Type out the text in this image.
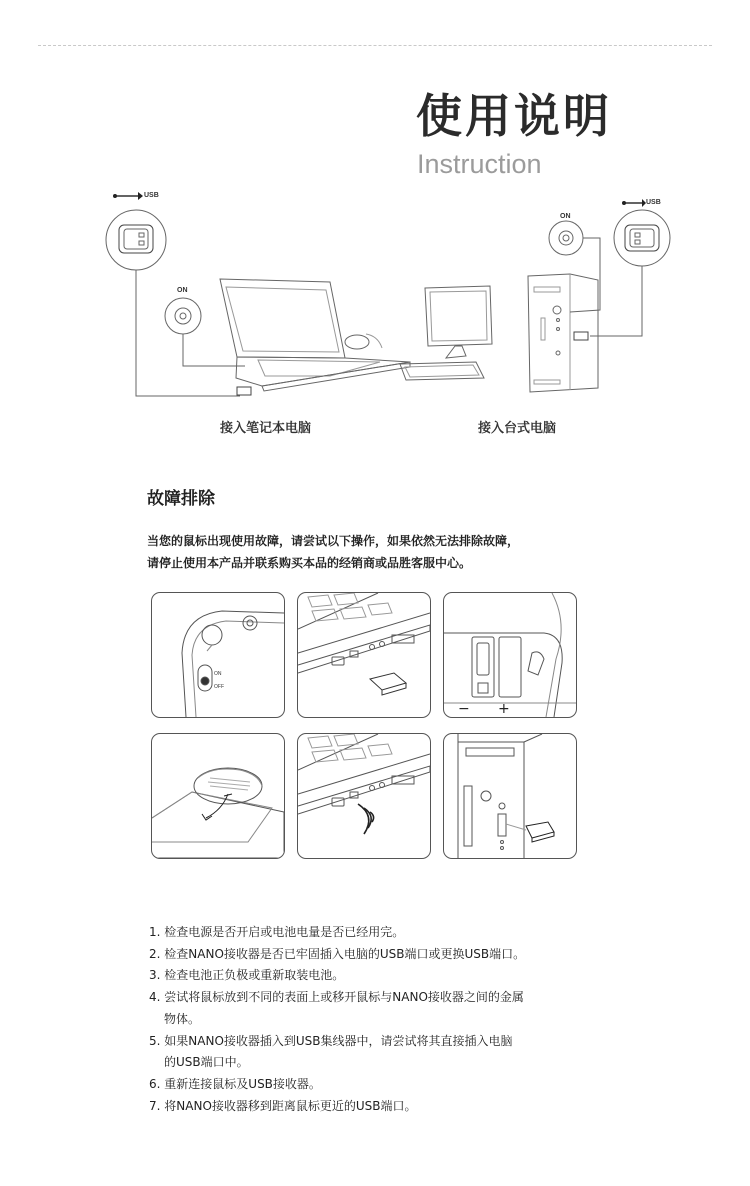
使用说明
Instruction
USB
USB
ON
ON
接入笔记本电脑	接入台式电脑
故障排除

当您的鼠标出现使用故障，请尝试以下操作，如果依然无法排除故障，

请停止使用本产品并联系购买本品的经销商或品胜客服中心。

ON
OFF
− +
1. 检查电源是否开启或电池电量是否已经用完。
2. 检查NANO接收器是否已牢固插入电脑的USB端口或更换USB端口。
3. 检查电池正负极或重新取装电池。
4. 尝试将鼠标放到不同的表面上或移开鼠标与NANO接收器之间的金属
物体。
5. 如果NANO接收器插入到USB集线器中，请尝试将其直接插入电脑
的USB端口中。
6. 重新连接鼠标及USB接收器。
7. 将NANO接收器移到距离鼠标更近的USB端口。
